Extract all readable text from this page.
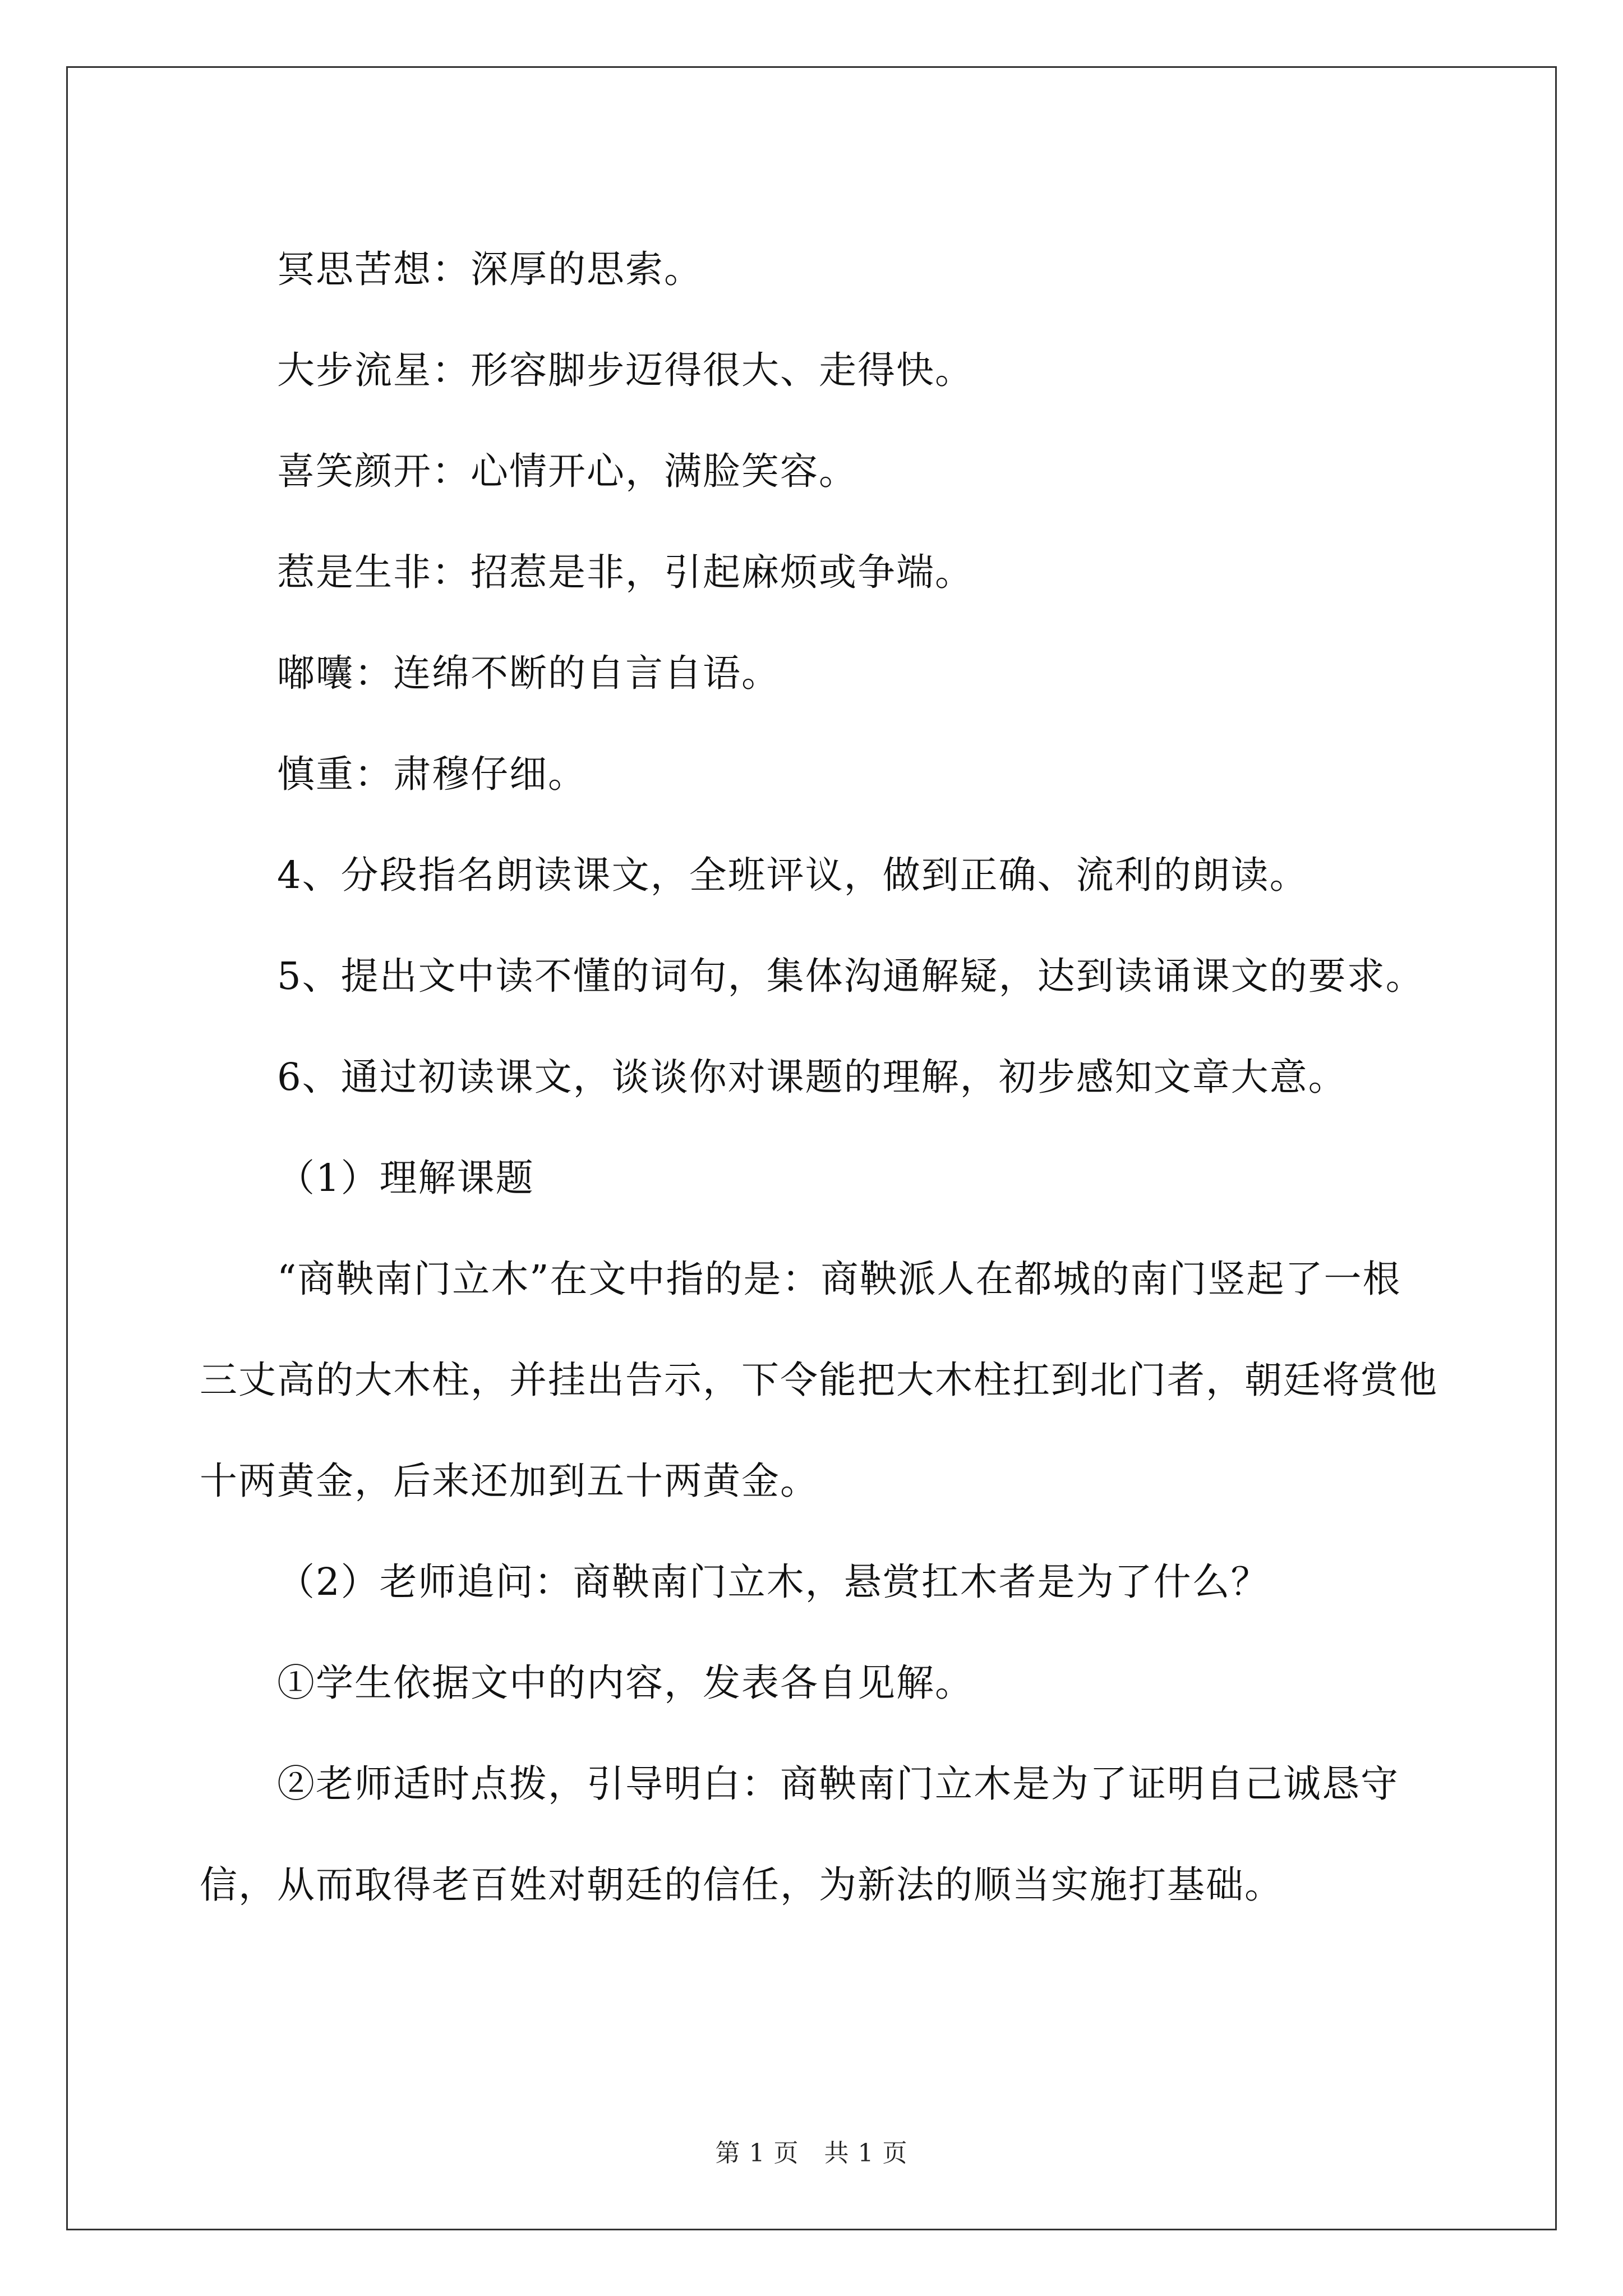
冥思苦想：深厚的思索。

大步流星：形容脚步迈得很大、走得快。

喜笑颜开：心情开心，满脸笑容。

惹是生非：招惹是非，引起麻烦或争端。

嘟囔：连绵不断的自言自语。

慎重：肃穆仔细。

4、分段指名朗读课文，全班评议，做到正确、流利的朗读。

5、提出文中读不懂的词句，集体沟通解疑，达到读诵课文的要求。

6、通过初读课文，谈谈你对课题的理解，初步感知文章大意。

（1）理解课题

“商鞅南门立木”在文中指的是：商鞅派人在都城的南门竖起了一根三丈高的大木柱，并挂出告示，下令能把大木柱扛到北门者，朝廷将赏他十两黄金，后来还加到五十两黄金。

（2）老师追问：商鞅南门立木，悬赏扛木者是为了什么？

①学生依据文中的内容，发表各自见解。

②老师适时点拨，引导明白：商鞅南门立木是为了证明自己诚恳守信，从而取得老百姓对朝廷的信任，为新法的顺当实施打基础。

第 1 页　共 1 页
